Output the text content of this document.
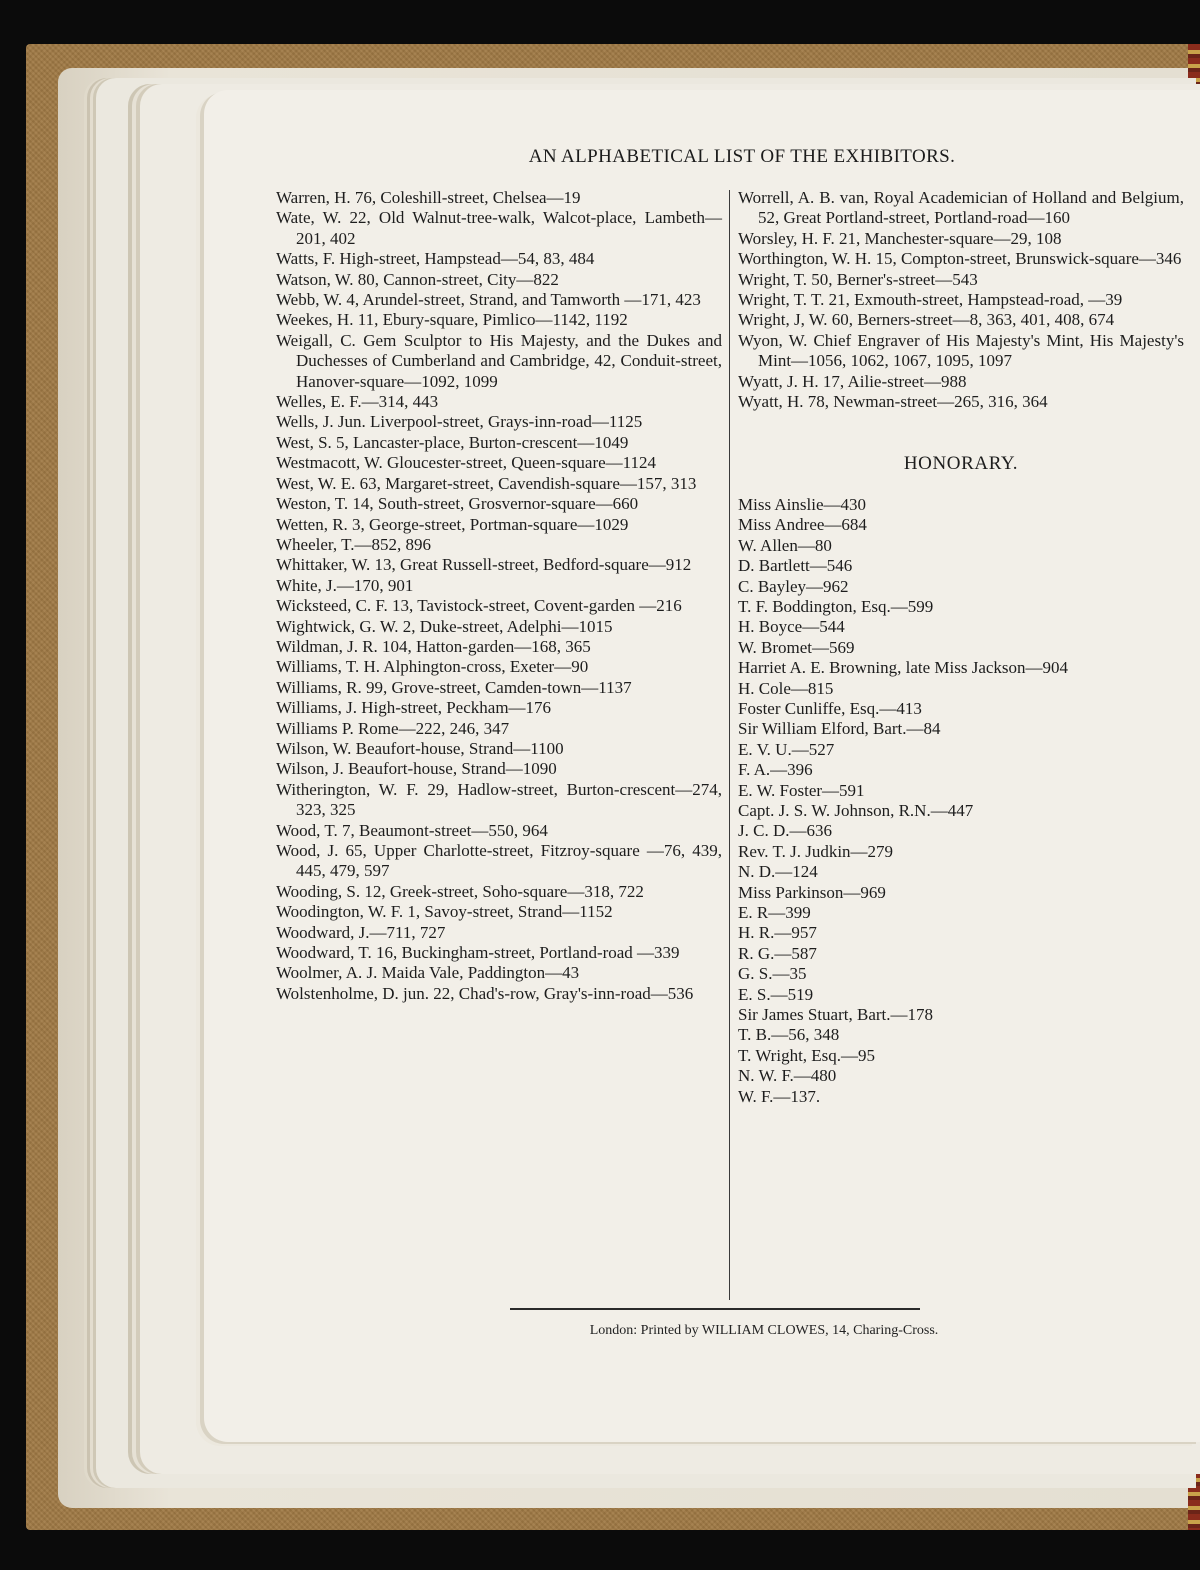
AN ALPHABETICAL LIST OF THE EXHIBITORS.
Warren, H. 76, Coleshill-street, Chelsea—19
Wate, W. 22, Old Walnut-tree-walk, Walcot-place, Lambeth—201, 402
Watts, F. High-street, Hampstead—54, 83, 484
Watson, W. 80, Cannon-street, City—822
Webb, W. 4, Arundel-street, Strand, and Tamworth —171, 423
Weekes, H. 11, Ebury-square, Pimlico—1142, 1192
Weigall, C. Gem Sculptor to His Majesty, and the Dukes and Duchesses of Cumberland and Cambridge, 42, Conduit-street, Hanover-square—1092, 1099
Welles, E. F.—314, 443
Wells, J. Jun. Liverpool-street, Grays-inn-road—1125
West, S. 5, Lancaster-place, Burton-crescent—1049
Westmacott, W. Gloucester-street, Queen-square—1124
West, W. E. 63, Margaret-street, Cavendish-square—157, 313
Weston, T. 14, South-street, Grosvernor-square—660
Wetten, R. 3, George-street, Portman-square—1029
Wheeler, T.—852, 896
Whittaker, W. 13, Great Russell-street, Bedford-square—912
White, J.—170, 901
Wicksteed, C. F. 13, Tavistock-street, Covent-garden —216
Wightwick, G. W. 2, Duke-street, Adelphi—1015
Wildman, J. R. 104, Hatton-garden—168, 365
Williams, T. H. Alphington-cross, Exeter—90
Williams, R. 99, Grove-street, Camden-town—1137
Williams, J. High-street, Peckham—176
Williams P. Rome—222, 246, 347
Wilson, W. Beaufort-house, Strand—1100
Wilson, J. Beaufort-house, Strand—1090
Witherington, W. F. 29, Hadlow-street, Burton-crescent—274, 323, 325
Wood, T. 7, Beaumont-street—550, 964
Wood, J. 65, Upper Charlotte-street, Fitzroy-square —76, 439, 445, 479, 597
Wooding, S. 12, Greek-street, Soho-square—318, 722
Woodington, W. F. 1, Savoy-street, Strand—1152
Woodward, J.—711, 727
Woodward, T. 16, Buckingham-street, Portland-road —339
Woolmer, A. J. Maida Vale, Paddington—43
Wolstenholme, D. jun. 22, Chad's-row, Gray's-inn-road—536
Worrell, A. B. van, Royal Academician of Holland and Belgium, 52, Great Portland-street, Portland-road—160
Worsley, H. F. 21, Manchester-square—29, 108
Worthington, W. H. 15, Compton-street, Brunswick-square—346
Wright, T. 50, Berner's-street—543
Wright, T. T. 21, Exmouth-street, Hampstead-road, —39
Wright, J, W. 60, Berners-street—8, 363, 401, 408, 674
Wyon, W. Chief Engraver of His Majesty's Mint, His Majesty's Mint—1056, 1062, 1067, 1095, 1097
Wyatt, J. H. 17, Ailie-street—988
Wyatt, H. 78, Newman-street—265, 316, 364
HONORARY.
Miss Ainslie—430
Miss Andree—684
W. Allen—80
D. Bartlett—546
C. Bayley—962
T. F. Boddington, Esq.—599
H. Boyce—544
W. Bromet—569
Harriet A. E. Browning, late Miss Jackson—904
H. Cole—815
Foster Cunliffe, Esq.—413
Sir William Elford, Bart.—84
E. V. U.—527
F. A.—396
E. W. Foster—591
Capt. J. S. W. Johnson, R.N.—447
J. C. D.—636
Rev. T. J. Judkin—279
N. D.—124
Miss Parkinson—969
E. R—399
H. R.—957
R. G.—587
G. S.—35
E. S.—519
Sir James Stuart, Bart.—178
T. B.—56, 348
T. Wright, Esq.—95
N. W. F.—480
W. F.—137.
London: Printed by WILLIAM CLOWES, 14, Charing-Cross.
